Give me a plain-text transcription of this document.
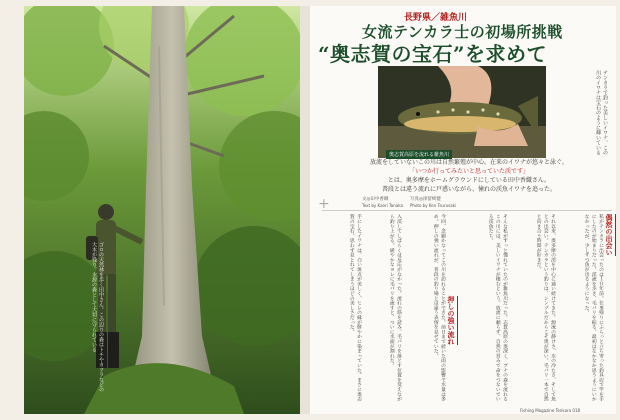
ゴロの天然林を歩く田中さん。この辺りの森はトチやカツラなどの大木が残り、水源の森として大切に守られている
長野県／雑魚川
女流テンカラ士の初場所挑戦
“奥志賀の宝石”を求めて
奥志賀高原を流れる雑魚川	テンカラで釣った美しいイワナ。この川のイワナは宝石のように輝いている
放流をしていないこの川は自然繁殖が中心。在来のイワナが悠々と泳ぐ。
「いつか行ってみたいと思っていた渓です」
とは、奥多摩をホームグラウンドにしている田中香織さん。
普段とは違う流れに戸惑いながら、憧れの渓魚イワナを追った。
+	文◎田中香織
Text by Kaori Tanaka
写真◎津留崎健
Photo by Ken Tsurusaki
偶然の出会い
私がテンカラに出会ったのは１０年前。仕事帰りにふらっと立ち寄った釣具店で竿を手にしたのが始まりだった。渓流を歩き、毛バリを振る。最初はなかなか思うようにいかなかったが、少しずつ魚が出るようになった。
それ以来、奥多摩の渓を中心に通い続けてきた。源流の静けさ、水の冷たさ、そして魚との出会い。テンカラという釣りは、シンプルだからこそ奥が深い。毛バリ一本で自然と向き合う時間が好きだ。
そんな私がずっと憧れていたのが雑魚川だった。志賀高原の奥深く、ブナの森を流れるこの川には、美しいイワナが棲むという。放流に頼らず、自然の営みで命をつないでいる渓魚たち。
押しの強い流れ
今回、念願かなってこの川を訪れることができた。前日まで続いた雨の影響で水量は多め。押しの強い流れが、普段の釣り場とは違う表情を見せていた。
入渓してしばらくは反応がなかった。流れの筋を読み、毛バリを落とす位置を変えながら釣り上がる。緩やかなヨレに毛バリを流すと、ついに水面が割れた。
手にしたイワナは、白い斑点が美しく、ヒレの縁が鮮やかに染まっていた。まさに奥志賀の宝石。思わず見とれてしまうほどの美しさだった。
Fishing Magazine Tenkara 018
